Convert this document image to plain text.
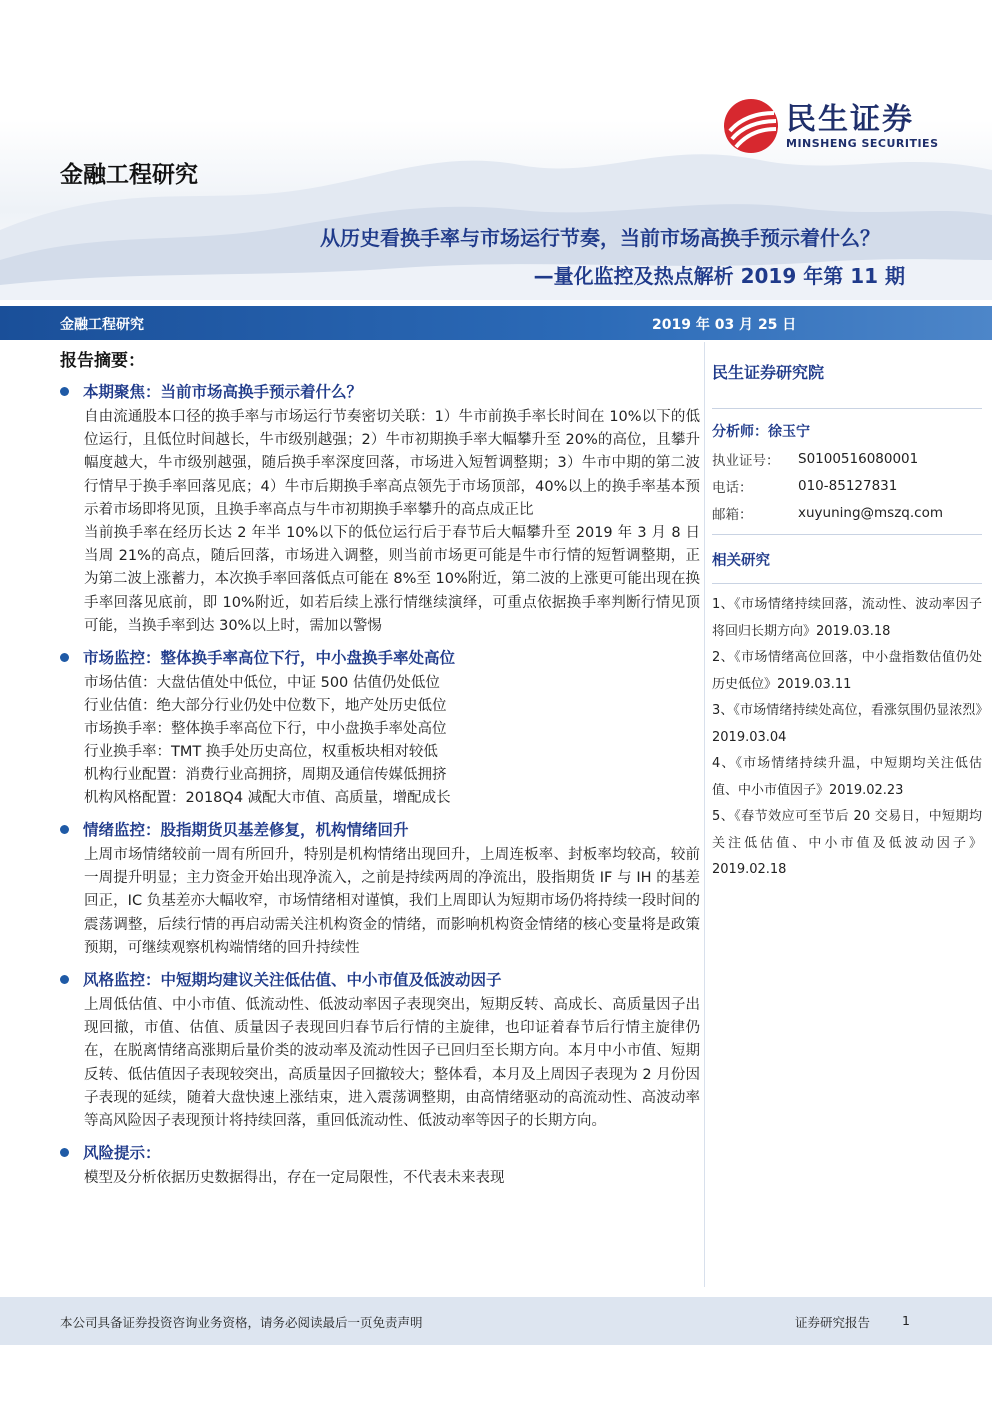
民生证券
MINSHENG SECURITIES
金融工程研究
从历史看换手率与市场运行节奏，当前市场高换手预示着什么？
—量化监控及热点解析 2019 年第 11 期
金融工程研究	2019 年 03 月 25 日
报告摘要：
本期聚焦：当前市场高换手预示着什么？

自由流通股本口径的换手率与市场运行节奏密切关联：1）牛市前换手率长时间在 10%以下的低位运行，且低位时间越长，牛市级别越强；2）牛市初期换手率大幅攀升至 20%的高位，且攀升幅度越大，牛市级别越强，随后换手率深度回落，市场进入短暂调整期；3）牛市中期的第二波行情早于换手率回落见底；4）牛市后期换手率高点领先于市场顶部，40%以上的换手率基本预示着市场即将见顶，且换手率高点与牛市初期换手率攀升的高点成正比

当前换手率在经历长达 2 年半 10%以下的低位运行后于春节后大幅攀升至 2019 年 3 月 8 日当周 21%的高点，随后回落，市场进入调整，则当前市场更可能是牛市行情的短暂调整期，正为第二波上涨蓄力，本次换手率回落低点可能在 8%至 10%附近，第二波的上涨更可能出现在换手率回落见底前，即 10%附近，如若后续上涨行情继续演绎，可重点依据换手率判断行情见顶可能，当换手率到达 30%以上时，需加以警惕

市场监控：整体换手率高位下行，中小盘换手率处高位
市场估值：大盘估值处中低位，中证 500 估值仍处低位
行业估值：绝大部分行业仍处中位数下，地产处历史低位
市场换手率：整体换手率高位下行，中小盘换手率处高位
行业换手率：TMT 换手处历史高位，权重板块相对较低
机构行业配置：消费行业高拥挤，周期及通信传媒低拥挤
机构风格配置：2018Q4 减配大市值、高质量，增配成长
情绪监控：股指期货贝基差修复，机构情绪回升

上周市场情绪较前一周有所回升，特别是机构情绪出现回升，上周连板率、封板率均较高，较前一周提升明显；主力资金开始出现净流入，之前是持续两周的净流出，股指期货 IF 与 IH 的基差回正，IC 负基差亦大幅收窄，市场情绪相对谨慎，我们上周即认为短期市场仍将持续一段时间的震荡调整，后续行情的再启动需关注机构资金的情绪，而影响机构资金情绪的核心变量将是政策预期，可继续观察机构端情绪的回升持续性

风格监控：中短期均建议关注低估值、中小市值及低波动因子

上周低估值、中小市值、低流动性、低波动率因子表现突出，短期反转、高成长、高质量因子出现回撤，市值、估值、质量因子表现回归春节后行情的主旋律，也印证着春节后行情主旋律仍在，在脱离情绪高涨期后量价类的波动率及流动性因子已回归至长期方向。本月中小市值、短期反转、低估值因子表现较突出，高质量因子回撤较大；整体看，本月及上周因子表现为 2 月份因子表现的延续，随着大盘快速上涨结束，进入震荡调整期，由高情绪驱动的高流动性、高波动率等高风险因子表现预计将持续回落，重回低流动性、低波动率等因子的长期方向。

风险提示：

模型及分析依据历史数据得出，存在一定局限性，不代表未来表现

民生证券研究院
分析师： 徐玉宁
执业证号：	S0100516080001
电话：	010-85127831
邮箱：	xuyuning@mszq.com
相关研究
1、《市场情绪持续回落，流动性、波动率因子将回归长期方向》2019.03.18
2、《市场情绪高位回落，中小盘指数估值仍处历史低位》2019.03.11
3、《市场情绪持续处高位，看涨氛围仍显浓烈》2019.03.04
4、《市场情绪持续升温，中短期均关注低估值、中小市值因子》2019.02.23
5、《春节效应可至节后 20 交易日，中短期均关注低估值、中小市值及低波动因子》2019.02.18
本公司具备证券投资咨询业务资格，请务必阅读最后一页免责声明	证券研究报告	1
